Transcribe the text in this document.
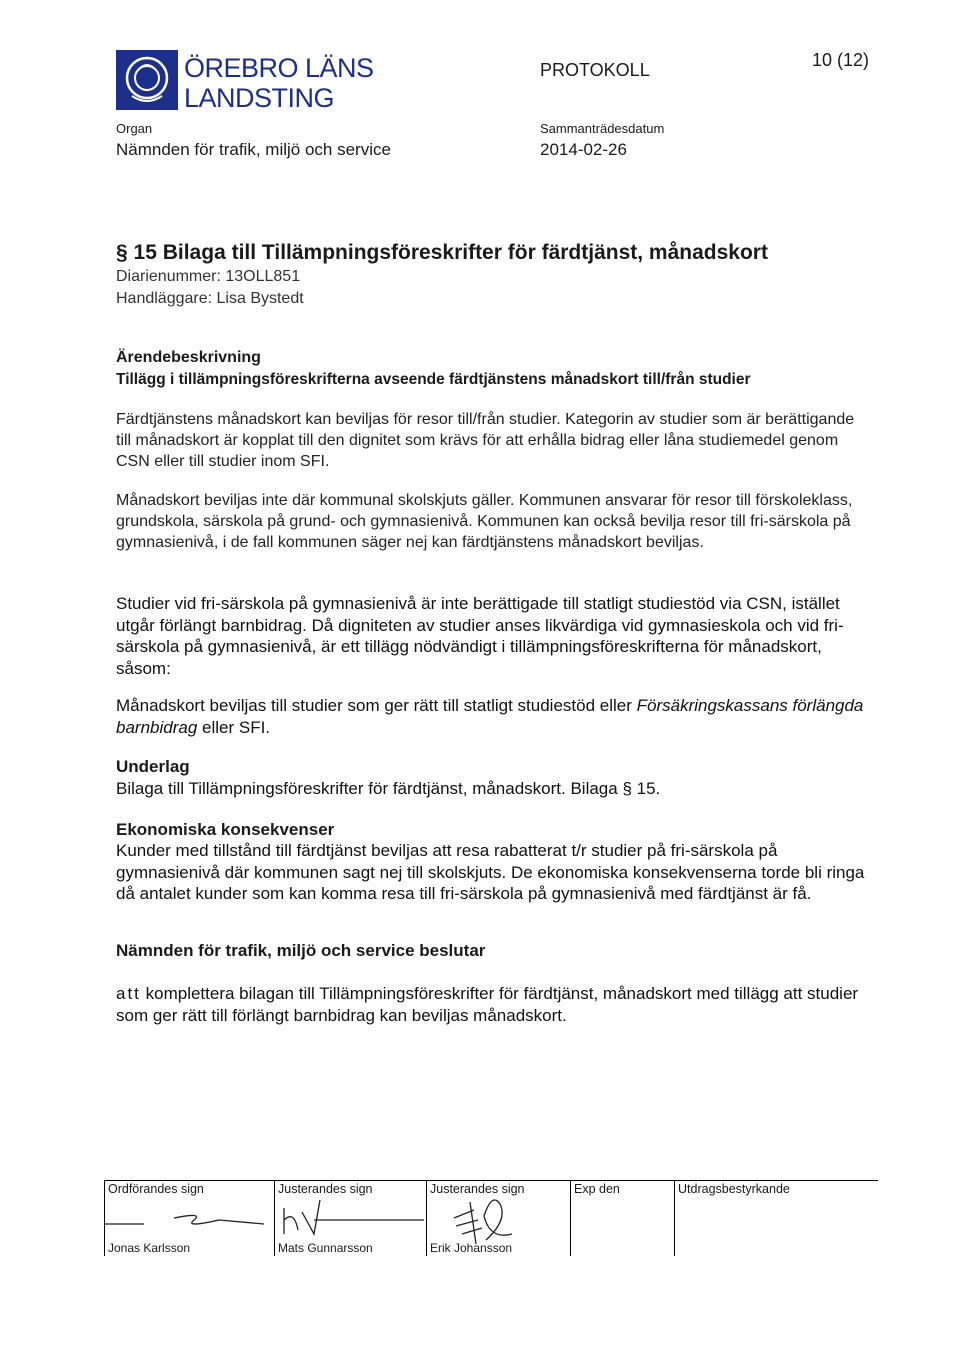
ÖREBRO LÄNS
LANDSTING
PROTOKOLL	10 (12)
Organ
Nämnden för trafik, miljö och service
Sammanträdesdatum
2014-02-26
§ 15 Bilaga till Tillämpningsföreskrifter för färdtjänst, månadskort
Diarienummer: 13OLL851
Handläggare: Lisa Bystedt
Ärendebeskrivning
Tillägg i tillämpningsföreskrifterna avseende färdtjänstens månadskort till/från studier
Färdtjänstens månadskort kan beviljas för resor till/från studier. Kategorin av studier som är berättigande till månadskort är kopplat till den dignitet som krävs för att erhålla bidrag eller låna studiemedel genom CSN eller till studier inom SFI.
Månadskort beviljas inte där kommunal skolskjuts gäller. Kommunen ansvarar för resor till förskoleklass, grundskola, särskola på grund- och gymnasienivå. Kommunen kan också bevilja resor till fri-särskola på gymnasienivå, i de fall kommunen säger nej kan färdtjänstens månadskort beviljas.
Studier vid fri-särskola på gymnasienivå är inte berättigade till statligt studiestöd via CSN, istället utgår förlängt barnbidrag. Då digniteten av studier anses likvärdiga vid gymnasieskola och vid fri-särskola på gymnasienivå, är ett tillägg nödvändigt i tillämpningsföreskrifterna för månadskort, såsom:
Månadskort beviljas till studier som ger rätt till statligt studiestöd eller Försäkringskassans förlängda barnbidrag eller SFI.
Underlag
Bilaga till Tillämpningsföreskrifter för färdtjänst, månadskort. Bilaga § 15.
Ekonomiska konsekvenser
Kunder med tillstånd till färdtjänst beviljas att resa rabatterat t/r studier på fri-särskola på gymnasienivå där kommunen sagt nej till skolskjuts. De ekonomiska konsekvenserna torde bli ringa då antalet kunder som kan komma resa till fri-särskola på gymnasienivå med färdtjänst är få.
Nämnden för trafik, miljö och service beslutar
att komplettera bilagan till Tillämpningsföreskrifter för färdtjänst, månadskort med tillägg att studier som ger rätt till förlängt barnbidrag kan beviljas månadskort.
Ordförandes sign
Jonas Karlsson
Justerandes sign
Mats Gunnarsson
Justerandes sign
Erik Johansson
Exp den	Utdragsbestyrkande
